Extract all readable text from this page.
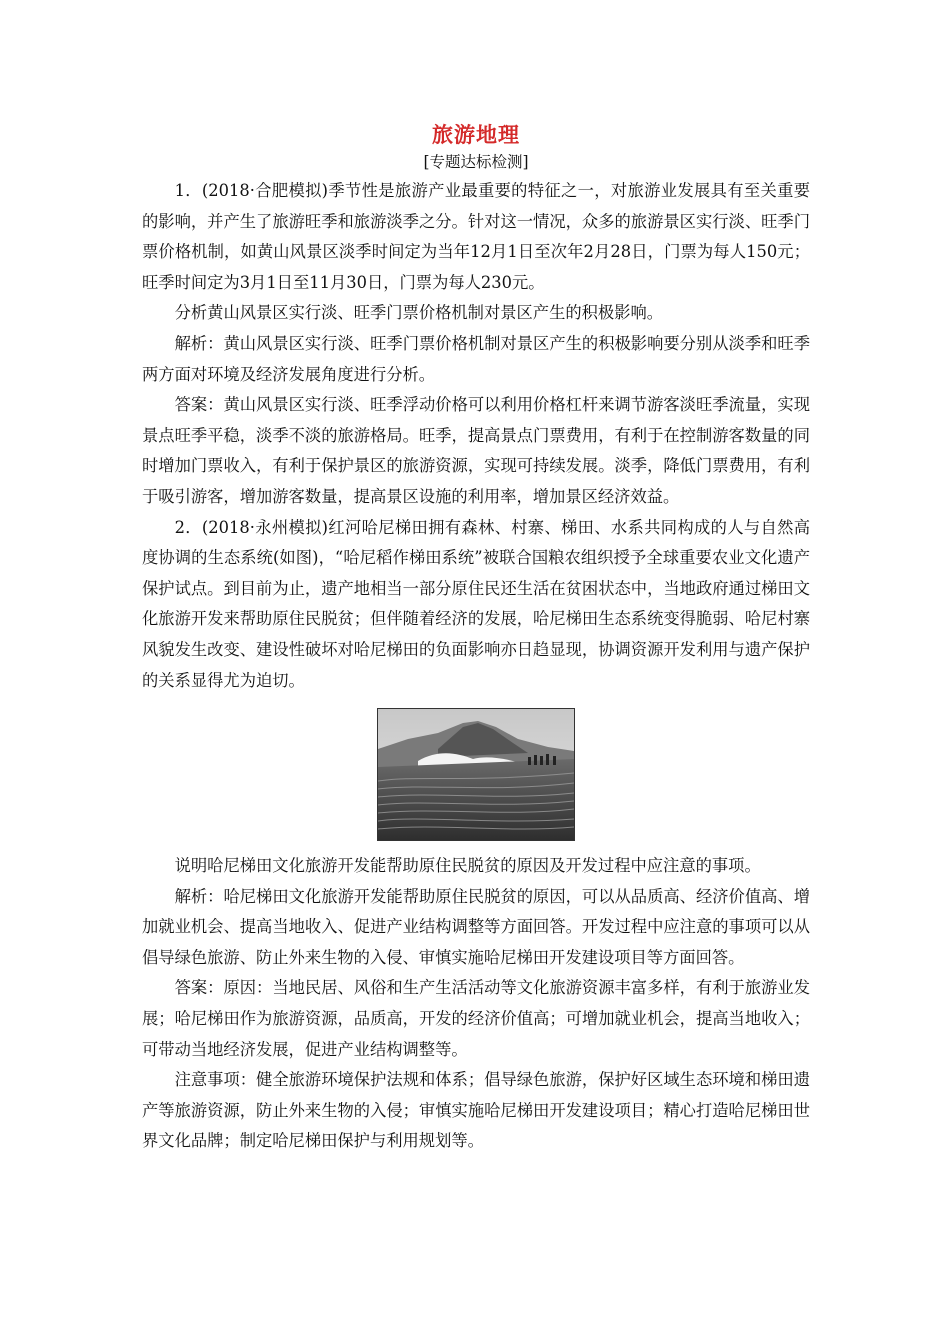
旅游地理
[专题达标检测]

1．(2018·合肥模拟)季节性是旅游产业最重要的特征之一，对旅游业发展具有至关重要的影响，并产生了旅游旺季和旅游淡季之分。针对这一情况，众多的旅游景区实行淡、旺季门票价格机制，如黄山风景区淡季时间定为当年12月1日至次年2月28日，门票为每人150元；旺季时间定为3月1日至11月30日，门票为每人230元。

分析黄山风景区实行淡、旺季门票价格机制对景区产生的积极影响。

解析：黄山风景区实行淡、旺季门票价格机制对景区产生的积极影响要分别从淡季和旺季两方面对环境及经济发展角度进行分析。

答案：黄山风景区实行淡、旺季浮动价格可以利用价格杠杆来调节游客淡旺季流量，实现景点旺季平稳，淡季不淡的旅游格局。旺季，提高景点门票费用，有利于在控制游客数量的同时增加门票收入，有利于保护景区的旅游资源，实现可持续发展。淡季，降低门票费用，有利于吸引游客，增加游客数量，提高景区设施的利用率，增加景区经济效益。

2．(2018·永州模拟)红河哈尼梯田拥有森林、村寨、梯田、水系共同构成的人与自然高度协调的生态系统(如图)，“哈尼稻作梯田系统”被联合国粮农组织授予全球重要农业文化遗产保护试点。到目前为止，遗产地相当一部分原住民还生活在贫困状态中，当地政府通过梯田文化旅游开发来帮助原住民脱贫；但伴随着经济的发展，哈尼梯田生态系统变得脆弱、哈尼村寨风貌发生改变、建设性破坏对哈尼梯田的负面影响亦日趋显现，协调资源开发利用与遗产保护的关系显得尤为迫切。

说明哈尼梯田文化旅游开发能帮助原住民脱贫的原因及开发过程中应注意的事项。

解析：哈尼梯田文化旅游开发能帮助原住民脱贫的原因，可以从品质高、经济价值高、增加就业机会、提高当地收入、促进产业结构调整等方面回答。开发过程中应注意的事项可以从倡导绿色旅游、防止外来生物的入侵、审慎实施哈尼梯田开发建设项目等方面回答。

答案：原因：当地民居、风俗和生产生活活动等文化旅游资源丰富多样，有利于旅游业发展；哈尼梯田作为旅游资源，品质高，开发的经济价值高；可增加就业机会，提高当地收入；可带动当地经济发展，促进产业结构调整等。

注意事项：健全旅游环境保护法规和体系；倡导绿色旅游，保护好区域生态环境和梯田遗产等旅游资源，防止外来生物的入侵；审慎实施哈尼梯田开发建设项目；精心打造哈尼梯田世界文化品牌；制定哈尼梯田保护与利用规划等。
